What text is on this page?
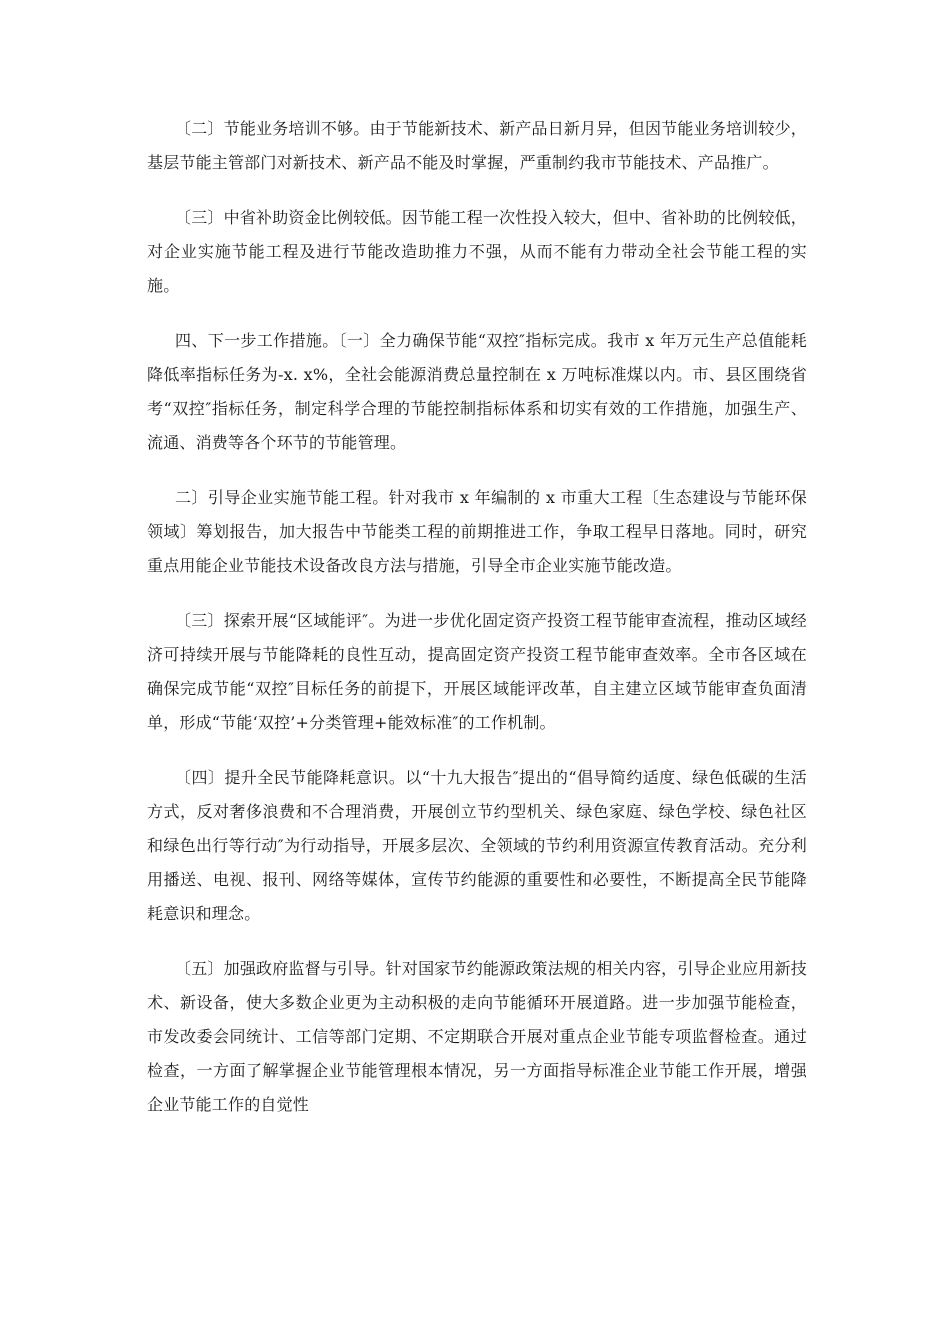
〔二〕节能业务培训不够。由于节能新技术、新产品日新月异，但因节能业务培训较少，基层节能主管部门对新技术、新产品不能及时掌握，严重制约我市节能技术、产品推广。

〔三〕中省补助资金比例较低。因节能工程一次性投入较大，但中、省补助的比例较低，对企业实施节能工程及进行节能改造助推力不强，从而不能有力带动全社会节能工程的实施。

四、下一步工作措施。〔一〕全力确保节能“双控″指标完成。我市 x 年万元生产总值能耗降低率指标任务为-x. x%，全社会能源消费总量控制在 x 万吨标准煤以内。市、县区围绕省考“双控″指标任务，制定科学合理的节能控制指标体系和切实有效的工作措施，加强生产、流通、消费等各个环节的节能管理。

二〕引导企业实施节能工程。针对我市 x 年编制的 x 市重大工程〔生态建设与节能环保领域〕筹划报告，加大报告中节能类工程的前期推进工作，争取工程早日落地。同时，研究重点用能企业节能技术设备改良方法与措施，引导全市企业实施节能改造。

〔三〕探索开展“区域能评″。为进一步优化固定资产投资工程节能审查流程，推动区域经济可持续开展与节能降耗的良性互动，提高固定资产投资工程节能审查效率。全市各区域在确保完成节能“双控″目标任务的前提下，开展区域能评改革，自主建立区域节能审查负面清单，形成“节能‘双控’+分类管理+能效标准″的工作机制。

〔四〕提升全民节能降耗意识。以“十九大报告″提出的“倡导简约适度、绿色低碳的生活方式，反对奢侈浪费和不合理消费，开展创立节约型机关、绿色家庭、绿色学校、绿色社区和绿色出行等行动″为行动指导，开展多层次、全领域的节约利用资源宣传教育活动。充分利用播送、电视、报刊、网络等媒体，宣传节约能源的重要性和必要性，不断提高全民节能降耗意识和理念。

〔五〕加强政府监督与引导。针对国家节约能源政策法规的相关内容，引导企业应用新技术、新设备，使大多数企业更为主动积极的走向节能循环开展道路。进一步加强节能检查，市发改委会同统计、工信等部门定期、不定期联合开展对重点企业节能专项监督检查。通过检查，一方面了解掌握企业节能管理根本情况，另一方面指导标准企业节能工作开展，增强企业节能工作的自觉性
